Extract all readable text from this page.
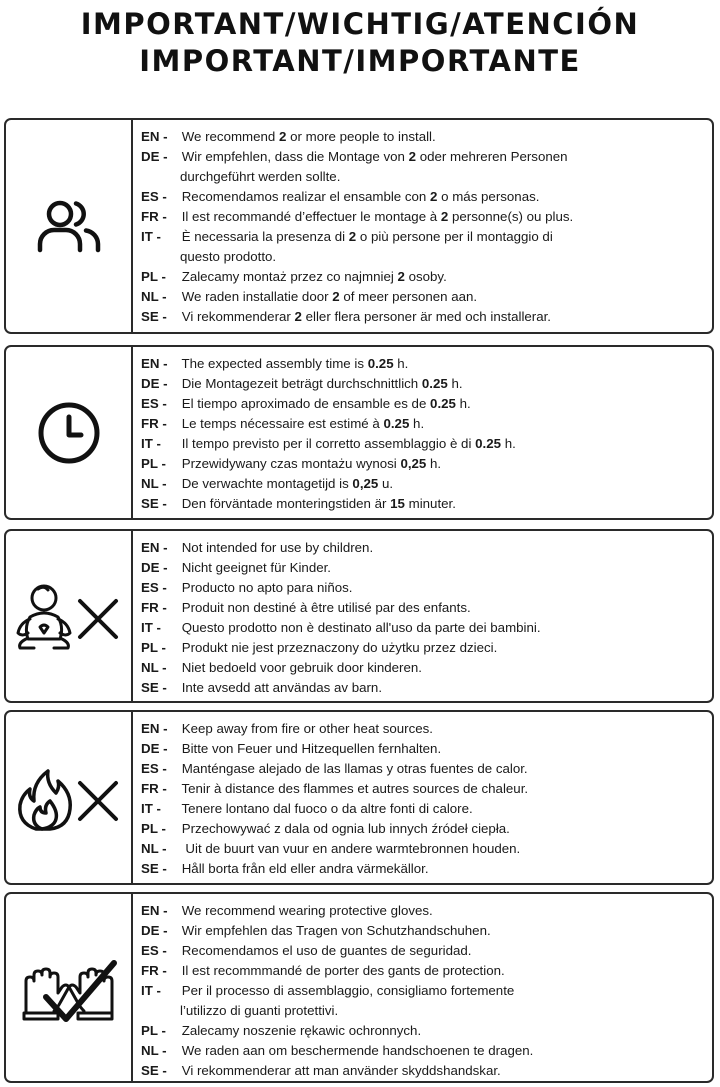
IMPORTANT/WICHTIG/ATENCIÓN
IMPORTANT/IMPORTANTE
EN - We recommend 2 or more people to install.
DE - Wir empfehlen, dass die Montage von 2 oder mehreren Personen
durchgeführt werden sollte.
ES - Recomendamos realizar el ensamble con 2 o más personas.
FR - Il est recommandé d’effectuer le montage à 2 personne(s) ou plus.
IT - È necessaria la presenza di 2 o più persone per il montaggio di
questo prodotto.
PL - Zalecamy montaż przez co najmniej 2 osoby.
NL - We raden installatie door 2 of meer personen aan.
SE - Vi rekommenderar 2 eller flera personer är med och installerar.
EN - The expected assembly time is 0.25 h.
DE - Die Montagezeit beträgt durchschnittlich 0.25 h.
ES - El tiempo aproximado de ensamble es de 0.25 h.
FR - Le temps nécessaire est estimé à 0.25 h.
IT - Il tempo previsto per il corretto assemblaggio è di 0.25 h.
PL - Przewidywany czas montażu wynosi 0,25 h.
NL - De verwachte montagetijd is 0,25 u.
SE - Den förväntade monteringstiden är 15 minuter.
EN - Not intended for use by children.
DE - Nicht geeignet für Kinder.
ES - Producto no apto para niños.
FR - Produit non destiné à être utilisé par des enfants.
IT - Questo prodotto non è destinato all'uso da parte dei bambini.
PL - Produkt nie jest przeznaczony do użytku przez dzieci.
NL - Niet bedoeld voor gebruik door kinderen.
SE - Inte avsedd att användas av barn.
EN - Keep away from fire or other heat sources.
DE - Bitte von Feuer und Hitzequellen fernhalten.
ES - Manténgase alejado de las llamas y otras fuentes de calor.
FR - Tenir à distance des flammes et autres sources de chaleur.
IT - Tenere lontano dal fuoco o da altre fonti di calore.
PL - Przechowywać z dala od ognia lub innych źródeł ciepła.
NL -  Uit de buurt van vuur en andere warmtebronnen houden.
SE - Håll borta från eld eller andra värmekällor.
EN - We recommend wearing protective gloves.
DE - Wir empfehlen das Tragen von Schutzhandschuhen.
ES - Recomendamos el uso de guantes de seguridad.
FR - Il est recommmandé de porter des gants de protection.
IT - Per il processo di assemblaggio, consigliamo fortemente
l’utilizzo di guanti protettivi.
PL - Zalecamy noszenie rękawic ochronnych.
NL - We raden aan om beschermende handschoenen te dragen.
SE - Vi rekommenderar att man använder skyddshandskar.
